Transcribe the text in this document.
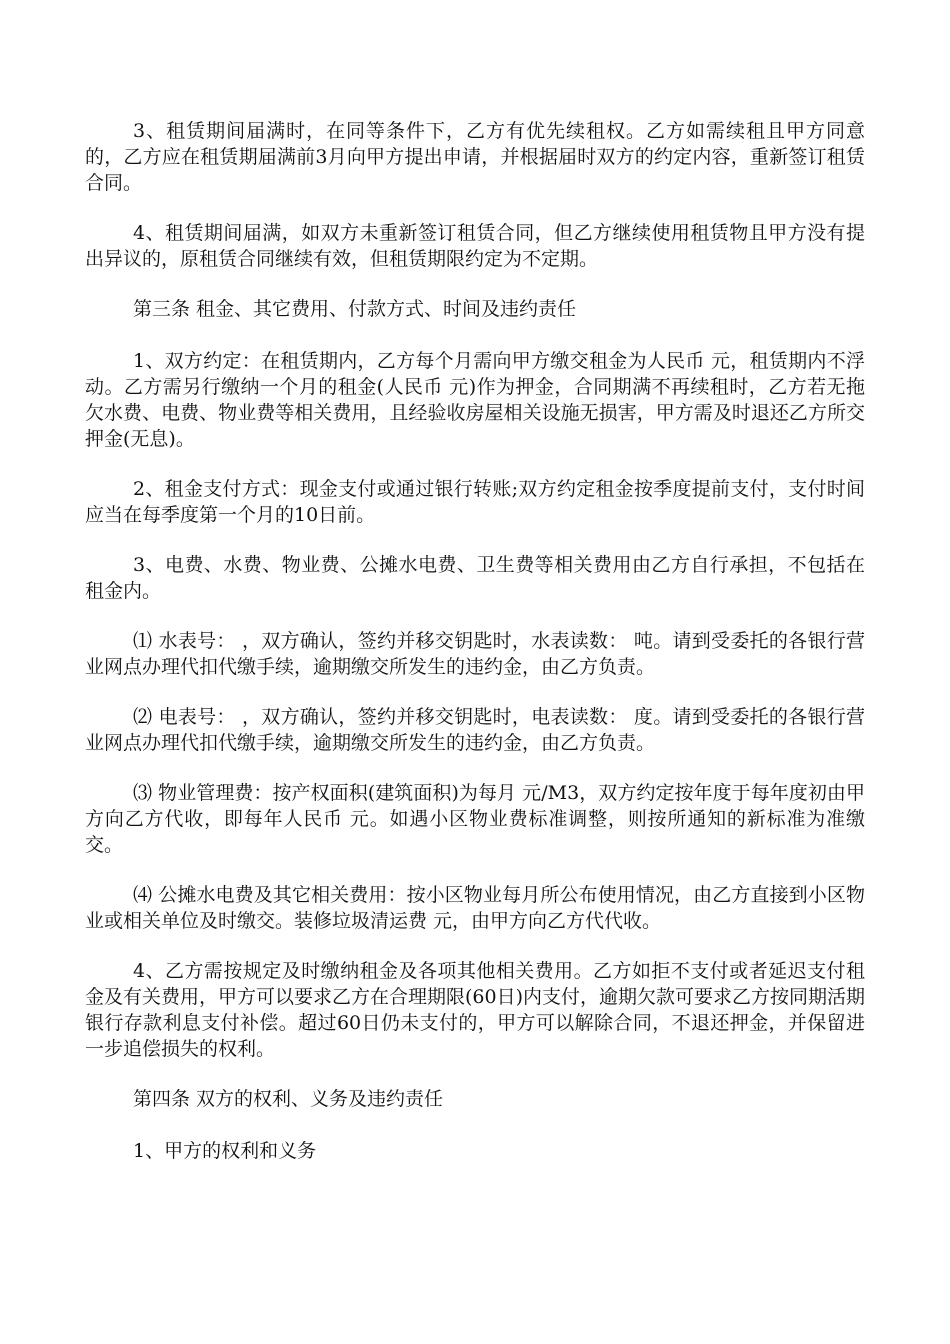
3、租赁期间届满时，在同等条件下，乙方有优先续租权。乙方如需续租且甲方同意的，乙方应在租赁期届满前3月向甲方提出申请，并根据届时双方的约定内容，重新签订租赁合同。

4、租赁期间届满，如双方未重新签订租赁合同，但乙方继续使用租赁物且甲方没有提出异议的，原租赁合同继续有效，但租赁期限约定为不定期。

第三条 租金、其它费用、付款方式、时间及违约责任

1、双方约定：在租赁期内，乙方每个月需向甲方缴交租金为人民币 元，租赁期内不浮动。乙方需另行缴纳一个月的租金(人民币 元)作为押金，合同期满不再续租时，乙方若无拖欠水费、电费、物业费等相关费用，且经验收房屋相关设施无损害，甲方需及时退还乙方所交押金(无息)。

2、租金支付方式：现金支付或通过银行转账;双方约定租金按季度提前支付，支付时间应当在每季度第一个月的10日前。

3、电费、水费、物业费、公摊水电费、卫生费等相关费用由乙方自行承担，不包括在租金内。

⑴ 水表号： ，双方确认，签约并移交钥匙时，水表读数： 吨。请到受委托的各银行营业网点办理代扣代缴手续，逾期缴交所发生的违约金，由乙方负责。

⑵ 电表号： ，双方确认，签约并移交钥匙时，电表读数： 度。请到受委托的各银行营业网点办理代扣代缴手续，逾期缴交所发生的违约金，由乙方负责。

⑶ 物业管理费：按产权面积(建筑面积)为每月 元/M3，双方约定按年度于每年度初由甲方向乙方代收，即每年人民币 元。如遇小区物业费标准调整，则按所通知的新标准为准缴交。

⑷ 公摊水电费及其它相关费用：按小区物业每月所公布使用情况，由乙方直接到小区物业或相关单位及时缴交。装修垃圾清运费 元，由甲方向乙方代代收。

4、乙方需按规定及时缴纳租金及各项其他相关费用。乙方如拒不支付或者延迟支付租金及有关费用，甲方可以要求乙方在合理期限(60日)内支付，逾期欠款可要求乙方按同期活期银行存款利息支付补偿。超过60日仍未支付的，甲方可以解除合同，不退还押金，并保留进一步追偿损失的权利。

第四条 双方的权利、义务及违约责任

1、甲方的权利和义务
